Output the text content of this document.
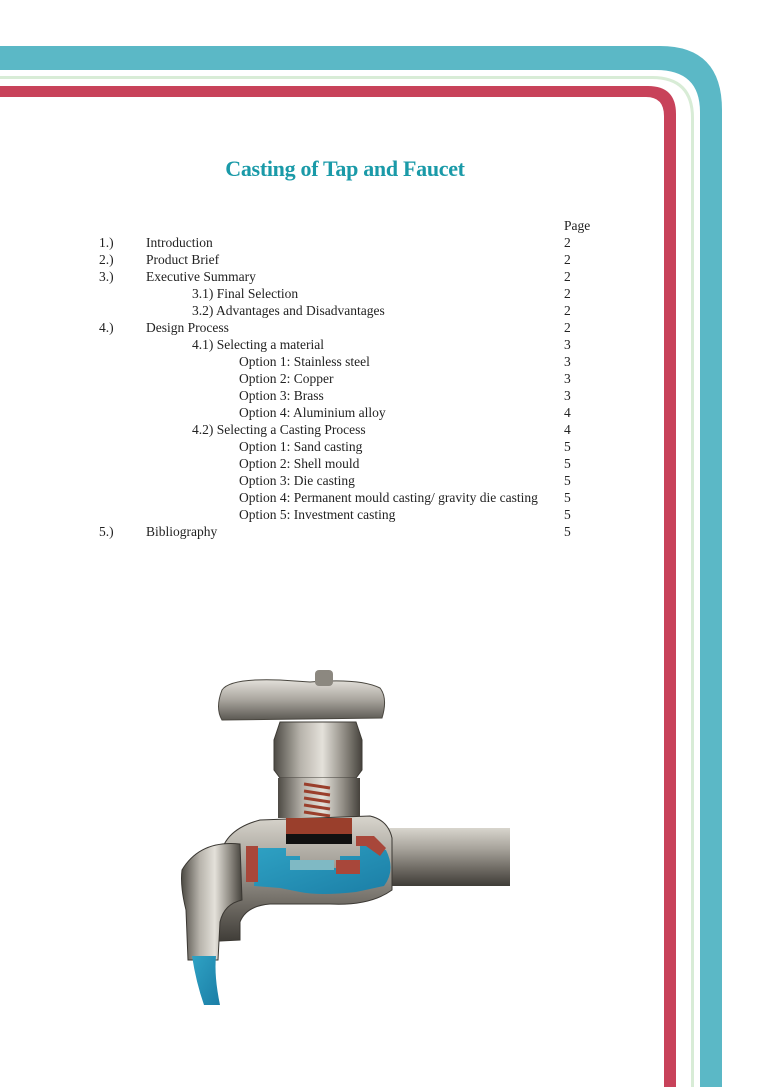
Casting of Tap and Faucet
Page
1.) Introduction	2
2.) Product Brief	2
3.) Executive Summary	2
3.1) Final Selection	2
3.2) Advantages and Disadvantages	2
4.) Design Process	2
4.1) Selecting a material	3
Option 1: Stainless steel	3
Option 2: Copper	3
Option 3: Brass	3
Option 4: Aluminium alloy	4
4.2) Selecting a Casting Process	4
Option 1: Sand casting	5
Option 2: Shell mould	5
Option 3: Die casting	5
Option 4: Permanent mould casting/ gravity die casting 5
Option 5: Investment casting	5
5.) Bibliography	5
